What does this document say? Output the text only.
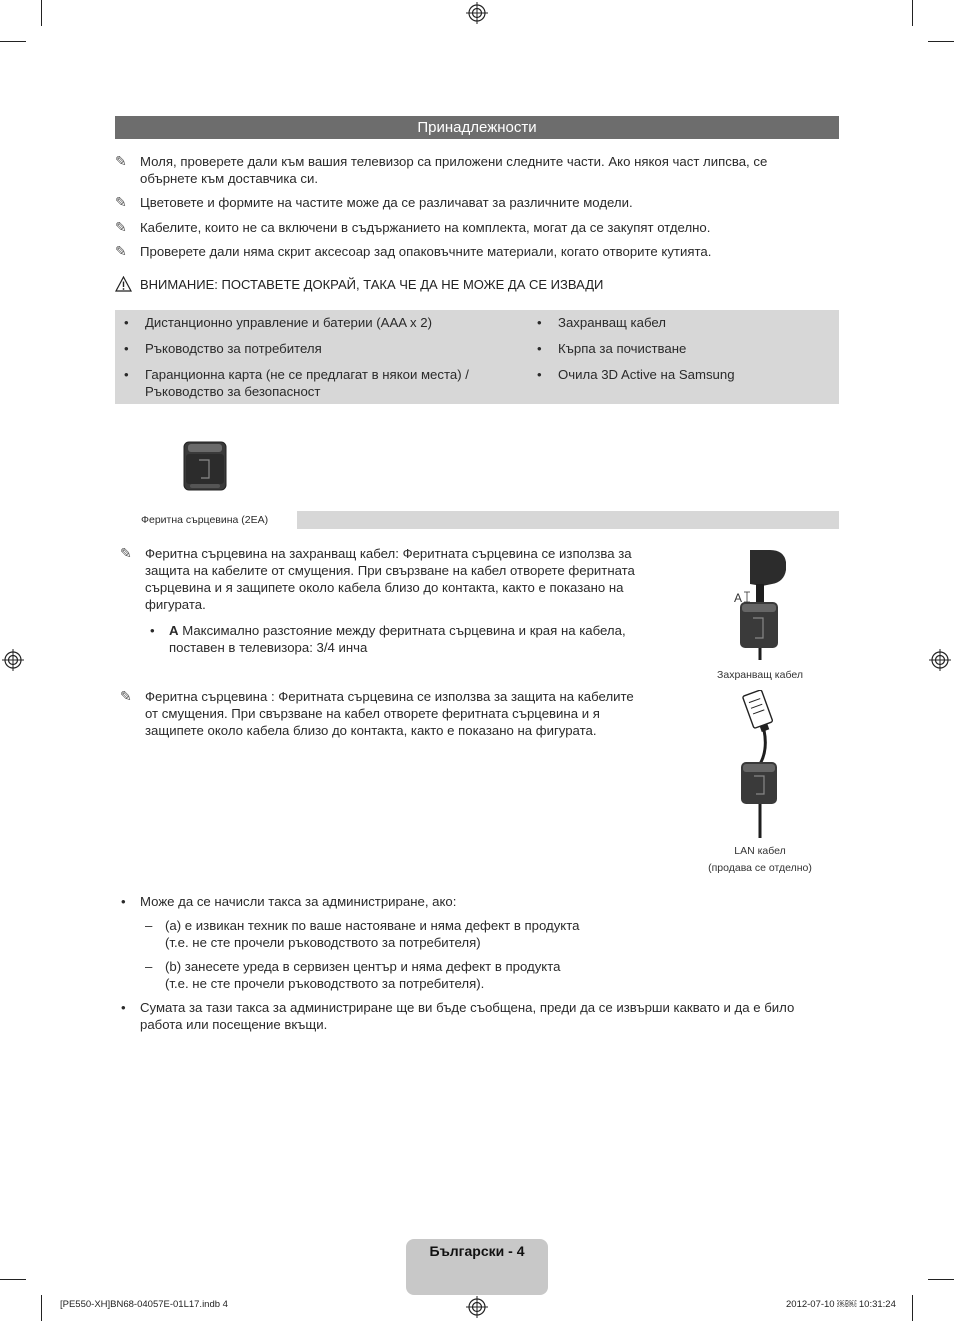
Принадлежности
✎ Моля, проверете дали към вашия телевизор са приложени следните части. Ако някоя част липсва, се
обърнете към доставчика си.
✎ Цветовете и формите на частите може да се различават за различните модели.
✎ Кабелите, които не са включени в съдържанието на комплекта, могат да се закупят отделно.
✎ Проверете дали няма скрит аксесоар зад опаковъчните материали, когато отворите кутията.
ВНИМАНИЕ: ПОСТАВЕТЕ ДОКРАЙ, ТАКА ЧЕ ДА НЕ МОЖЕ ДА СЕ ИЗВАДИ
• Дистанционно управление и батерии (AAA x 2)
• Ръководство за потребителя
• Гаранционна карта (не се предлагат в някои места) /
Ръководство за безопасност
• Захранващ кабел
• Кърпа за почистване
• Очила 3D Active на Samsung
Феритна сърцевина (2EA)
✎ Феритна сърцевина на захранващ кабел: Феритната сърцевина се използва за
защита на кабелите от смущения. При свързване на кабел отворете феритната
сърцевина и я защипете около кабела близо до контакта, както е показано на
фигурата.
• A Максимално разстояние между феритната сърцевина и края на кабела,
поставен в телевизора: 3/4 инча
A
Захранващ кабел
✎ Феритна сърцевина : Феритната сърцевина се използва за защита на кабелите
от смущения. При свързване на кабел отворете феритната сърцевина и я
защипете около кабела близо до контакта, както е показано на фигурата.
LAN кабел
(продава се отделно)
• Може да се начисли такса за администриране, ако:
– (a) е извикан техник по ваше настояване и няма дефект в продукта
(т.е. не сте прочели ръководството за потребителя)
– (b) занесете уреда в сервизен център и няма дефект в продукта
(т.е. не сте прочели ръководството за потребителя).
• Сумата за тази такса за администриране ще ви бъде съобщена, преди да се извърши каквато и да е било
работа или посещение вкъщи.
Български - 4
[PE550-XH]BN68-04057E-01L17.indb 4	2012-07-10 ￼￼ 10:31:24
